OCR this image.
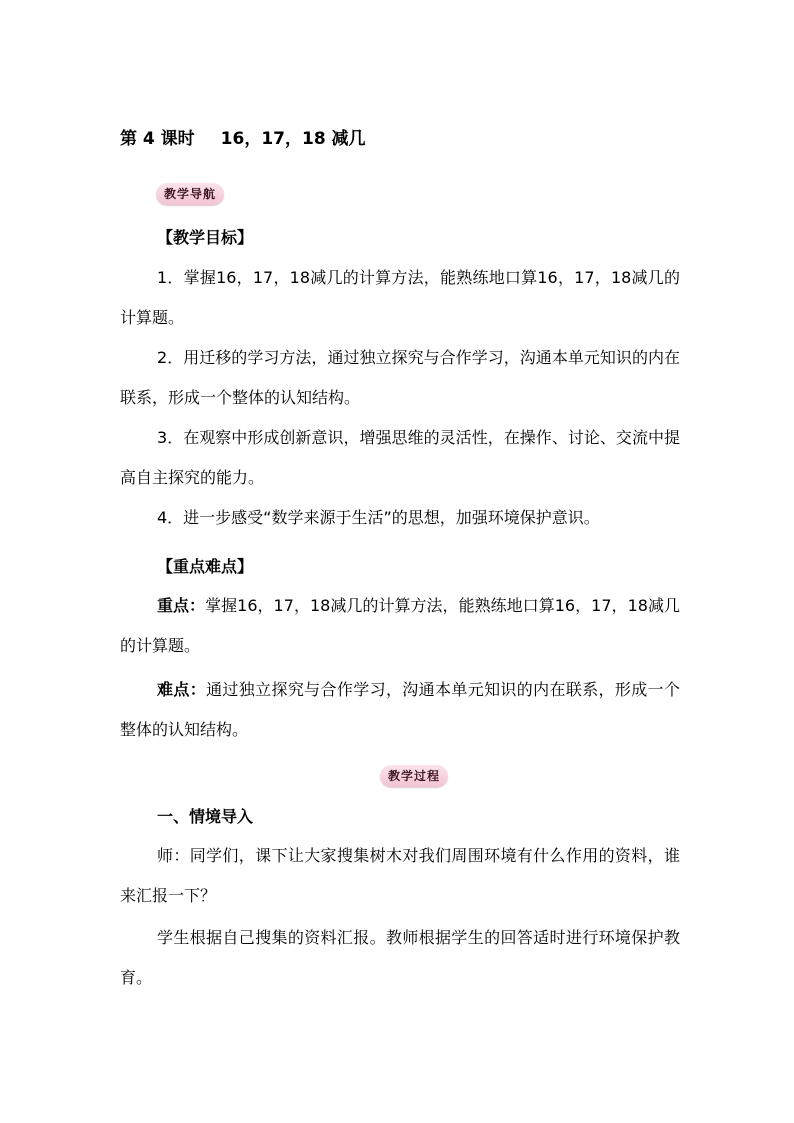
第 4 课时 16，17，18 减几
教学导航
【教学目标】

1．掌握16，17，18减几的计算方法，能熟练地口算16，17，18减几的计算题。

2．用迁移的学习方法，通过独立探究与合作学习，沟通本单元知识的内在联系，形成一个整体的认知结构。

3．在观察中形成创新意识，增强思维的灵活性，在操作、讨论、交流中提高自主探究的能力。

4．进一步感受“数学来源于生活”的思想，加强环境保护意识。

【重点难点】

重点：掌握16，17，18减几的计算方法，能熟练地口算16，17，18减几的计算题。

难点：通过独立探究与合作学习，沟通本单元知识的内在联系，形成一个整体的认知结构。

教学过程
一、情境导入

师：同学们，课下让大家搜集树木对我们周围环境有什么作用的资料，谁来汇报一下？

学生根据自己搜集的资料汇报。教师根据学生的回答适时进行环境保护教育。
